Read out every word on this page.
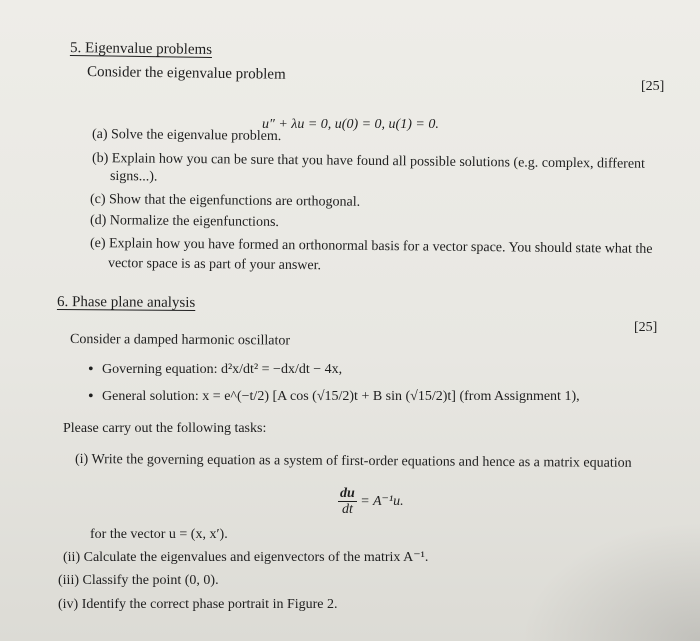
5. Eigenvalue problems
Consider the eigenvalue problem
[25]
u″ + λu = 0, u(0) = 0, u(1) = 0.
(a) Solve the eigenvalue problem.
(b) Explain how you can be sure that you have found all possible solutions (e.g. complex, different
signs...).
(c) Show that the eigenfunctions are orthogonal.
(d) Normalize the eigenfunctions.
(e) Explain how you have formed an orthonormal basis for a vector space. You should state what the
vector space is as part of your answer.
6. Phase plane analysis
Consider a damped harmonic oscillator
[25]
• Governing equation: d²x/dt² = −dx/dt − 4x,
• General solution: x = e^(−t/2) [A cos (√15/2)t + B sin (√15/2)t] (from Assignment 1),
Please carry out the following tasks:
(i) Write the governing equation as a system of first-order equations and hence as a matrix equation
$\frac{du}{dt} = A^{-1}u$.
for the vector u = (x, x′).
(ii) Calculate the eigenvalues and eigenvectors of the matrix A⁻¹.
(iii) Classify the point (0, 0).
(iv) Identify the correct phase portrait in Figure 2.
